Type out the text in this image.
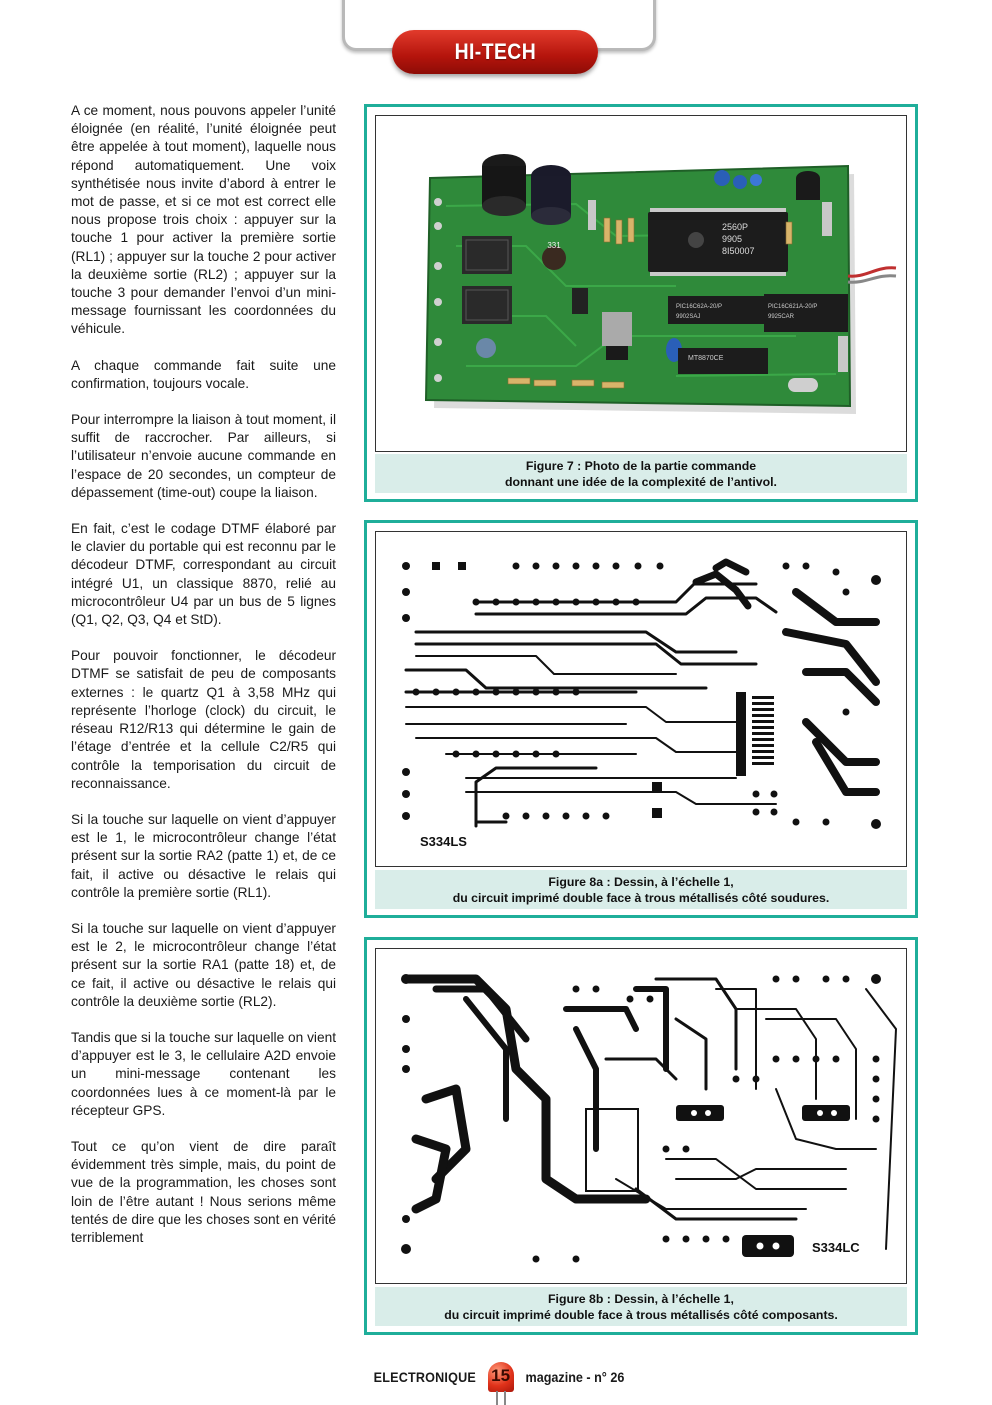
HI-TECH

A ce moment, nous pouvons appeler l’unité éloignée (en réalité, l’unité éloignée peut être appelée à tout moment), laquelle nous répond automatiquement. Une voix synthétisée nous invite d’abord à entrer le mot de passe, et si ce mot est correct elle nous propose trois choix : appuyer sur la touche 1 pour activer la première sortie (RL1) ; appuyer sur la touche 2 pour activer la deuxième sortie (RL2) ; appuyer sur la touche 3 pour demander l’envoi d’un mini-message fournissant les coordonnées du véhicule.

A chaque commande fait suite une confirmation, toujours vocale.

Pour interrompre la liaison à tout moment, il suffit de raccrocher. Par ailleurs, si l’utilisateur n’envoie aucune commande en l’espace de 20 secondes, un compteur de dépassement (time-out) coupe la liaison.

En fait, c’est le codage DTMF élaboré par le clavier du portable qui est reconnu par le décodeur DTMF, correspondant au circuit intégré U1, un classique 8870, relié au microcontrôleur U4 par un bus de 5 lignes (Q1, Q2, Q3, Q4 et StD).

Pour pouvoir fonctionner, le décodeur DTMF se satisfait de peu de composants externes : le quartz Q1 à 3,58 MHz qui représente l’horloge (clock) du circuit, le réseau R12/R13 qui détermine le gain de l’étage d’entrée et la cellule C2/R5 qui contrôle la temporisation du circuit de reconnaissance.

Si la touche sur laquelle on vient d’appuyer est le 1, le microcontrôleur change l’état présent sur la sortie RA2 (patte 1) et, de ce fait, il active ou désactive le relais qui contrôle la première sortie (RL1).

Si la touche sur laquelle on vient d’appuyer est le 2, le microcontrôleur change l’état présent sur la sortie RA1 (patte 18) et, de ce fait, il active ou désactive le relais qui contrôle la deuxième sortie (RL2).

Tandis que si la touche sur laquelle on vient d’appuyer est le 3, le cellulaire A2D envoie un mini-message contenant les coordonnées lues à ce moment-là par le récepteur GPS.

Tout ce qu’on vient de dire paraît évidemment très simple, mais, du point de vue de la programmation, les choses sont loin de l’être autant ! Nous serions même tentés de dire que les choses sont en vérité terriblement

331
2560P
9905
8I50007
PIC16C62A-20/P
9902SAJ
PIC16C621A-20/P
9925CAR
MT8870CE
Figure 7 : Photo de la partie commande
donnant une idée de la complexité de l’antivol.
S334LS
Figure 8a : Dessin, à l’échelle 1,
du circuit imprimé double face à trous métallisés côté soudures.
S334LC
Figure 8b : Dessin, à l’échelle 1,
du circuit imprimé double face à trous métallisés côté composants.
ELECTRONIQUE 15	magazine - n° 26
